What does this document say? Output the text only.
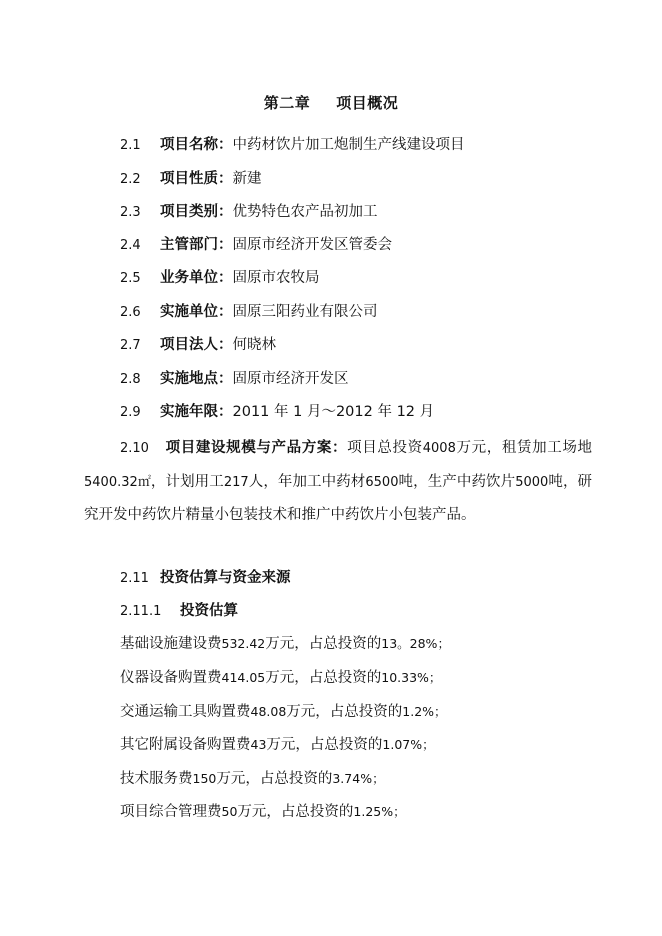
第二章 项目概况
2.1 项目名称：中药材饮片加工炮制生产线建设项目
2.2 项目性质：新建
2.3 项目类别：优势特色农产品初加工
2.4 主管部门：固原市经济开发区管委会
2.5 业务单位：固原市农牧局
2.6 实施单位：固原三阳药业有限公司
2.7 项目法人：何晓林
2.8 实施地点：固原市经济开发区
2.9 实施年限：2011 年 1 月～2012 年 12 月
2.10 项目建设规模与产品方案：项目总投资4008万元，租赁加工场地5400.32㎡，计划用工217人，年加工中药材6500吨，生产中药饮片5000吨，研究开发中药饮片精量小包装技术和推广中药饮片小包装产品。
2.11 投资估算与资金来源
2.11.1 投资估算
基础设施建设费532.42万元，占总投资的13。28%；
仪器设备购置费414.05万元，占总投资的10.33%；
交通运输工具购置费48.08万元，占总投资的1.2%；
其它附属设备购置费43万元，占总投资的1.07%；
技术服务费150万元，占总投资的3.74%；
项目综合管理费50万元，占总投资的1.25%；
